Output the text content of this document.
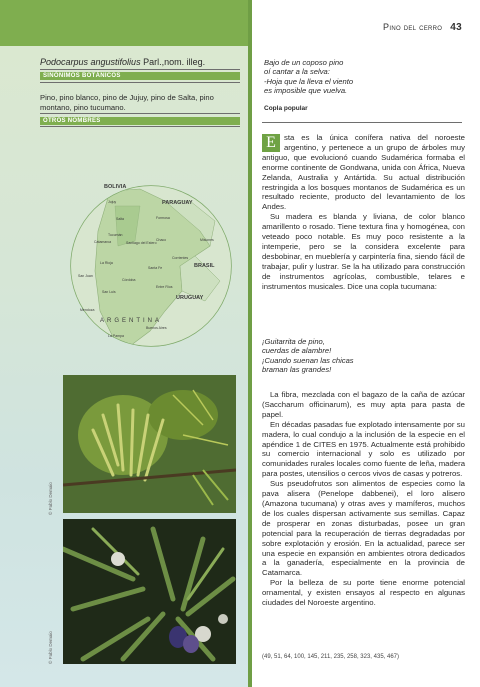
Pino del cerro 43
Podocarpus angustifolius Parl.,nom. illeg.
SINÓNIMOS BOTÁNICOS
Pino, pino blanco, pino de Jujuy, pino de Salta, pino montano, pino tucumano.
OTROS NOMBRES
BOLIVIA
PARAGUAY
BRASIL
URUGUAY
ARGENTINA
Jujuy
Salta	Formosa
Tucumán
Catamarca	Santiago del Estero
Chaco	Misiones
Corrientes
La Rioja
Santa Fe
San Juan
Córdoba
Entre Ríos
San Luis
Mendoza
Buenos Aires
La Pampa
© Pablo Demaio
© Pablo Demaio
Bajo de un coposo pino
oí cantar a la selva:
-Hoja que la lleva el viento
es imposible que vuelva.
Copla popular

E	sta es la única conífera nativa del noroeste argentino, y pertenece a un grupo de árboles muy antiguo, que evolucionó cuando Sudamérica formaba el enorme continente de Gondwana, unida con África, Nueva Zelanda, Australia y Antártida. Su actual distribución restringida a los bosques montanos de Sudamérica es un resultado reciente, producto del levantamiento de los Andes.

Su madera es blanda y liviana, de color blanco amarillento o rosado. Tiene textura fina y homogénea, con veteado poco notable. Es muy poco resistente a la intemperie, pero se la considera excelente para desbobinar, en mueblería y carpintería fina, siendo fácil de trabajar, pulir y lustrar. Se la ha utilizado para construcción de instrumentos agrícolas, combustible, telares e instrumentos musicales. Dice una copla tucumana:

¡Guitarrita de pino,
cuerdas de alambre!
¡Cuando suenan las chicas
braman las grandes!

La fibra, mezclada con el bagazo de la caña de azúcar (Saccharum officinarum), es muy apta para pasta de papel.

En décadas pasadas fue explotado intensamente por su madera, lo cual condujo a la inclusión de la especie en el apéndice 1 de CITES en 1975. Actualmente está prohibido su comercio internacional y solo es utilizado por comunidades rurales locales como fuente de leña, madera para postes, utensilios o cercos vivos de casas y potreros.

Sus pseudofrutos son alimentos de especies como la pava alisera (Penelope dabbenei), el loro alisero (Amazona tucumana) y otras aves y mamíferos, muchos de los cuales dispersan activamente sus semillas. Capaz de prosperar en zonas disturbadas, posee un gran potencial para la recuperación de tierras degradadas por sobre explotación y erosión. En la actualidad, parece ser una especie en expansión en ambientes otrora dedicados a la ganadería, especialmente en la provincia de Catamarca.

Por la belleza de su porte tiene enorme potencial ornamental, y existen ensayos al respecto en algunas ciudades del Noroeste argentino.

(49, 51, 64, 100, 145, 211, 235, 258, 323, 435, 467)
